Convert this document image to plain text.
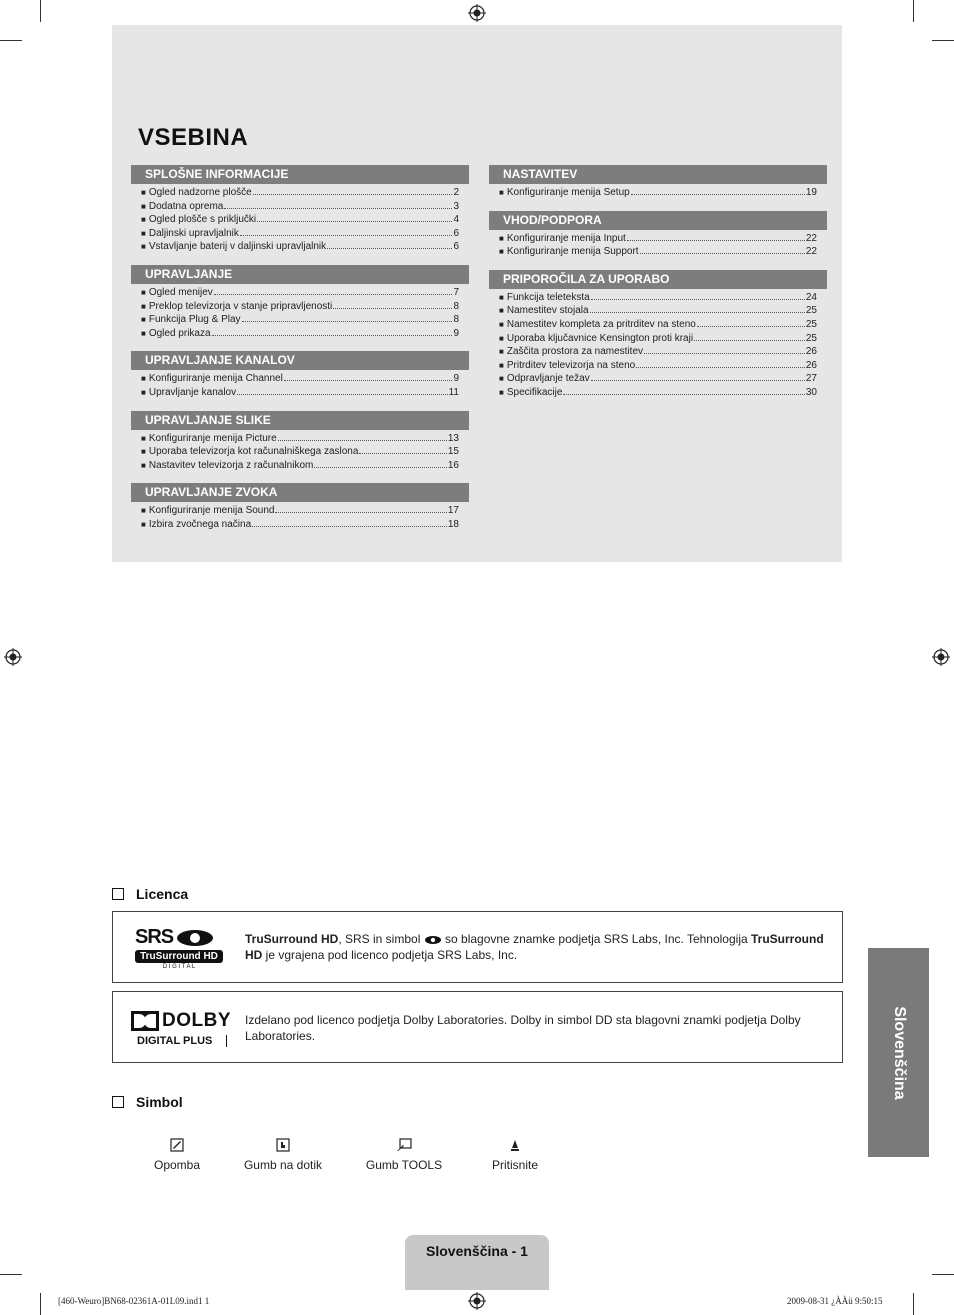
VSEBINA
SPLOŠNE INFORMACIJE
■ Ogled nadzorne plošče	2
■ Dodatna oprema	3
■ Ogled plošče s priključki	4
■ Daljinski upravljalnik	6
■ Vstavljanje baterij v daljinski upravljalnik	6
UPRAVLJANJE
■ Ogled menijev	7
■ Preklop televizorja v stanje pripravljenosti	8
■ Funkcija Plug & Play	8
■ Ogled prikaza	9
UPRAVLJANJE KANALOV
■ Konfiguriranje menija Channel	9
■ Upravljanje kanalov	11
UPRAVLJANJE SLIKE
■ Konfiguriranje menija Picture	13
■ Uporaba televizorja kot računalniškega zaslona	15
■ Nastavitev televizorja z računalnikom	16
UPRAVLJANJE ZVOKA
■ Konfiguriranje menija Sound	17
■ Izbira zvočnega načina	18
NASTAVITEV
■ Konfiguriranje menija Setup	19
VHOD/PODPORA
■ Konfiguriranje menija Input	22
■ Konfiguriranje menija Support	22
PRIPOROČILA ZA UPORABO
■ Funkcija teleteksta	24
■ Namestitev stojala	25
■ Namestitev kompleta za pritrditev na steno	25
■ Uporaba ključavnice Kensington proti kraji	25
■ Zaščita prostora za namestitev	26
■ Pritrditev televizorja na steno	26
■ Odpravljanje težav	27
■ Specifikacije	30
Licenca
SRS
TruSurround HD
D I G I T A L
TruSurround HD, SRS in simbol  so blagovne znamke podjetja SRS Labs, Inc. Tehnologija TruSurround HD je vgrajena pod licenco podjetja SRS Labs, Inc.
DOLBY
DIGITAL PLUS
Izdelano pod licenco podjetja Dolby Laboratories. Dolby in simbol DD sta blagovni znamki podjetja Dolby Laboratories.
Simbol
Opomba	Gumb na dotik	Gumb TOOLS	Pritisnite
Slovenščina
Slovenščina - 1
[460-Weuro]BN68-02361A-01L09.ind1 1	2009-08-31 ¿ÀÀü 9:50:15
